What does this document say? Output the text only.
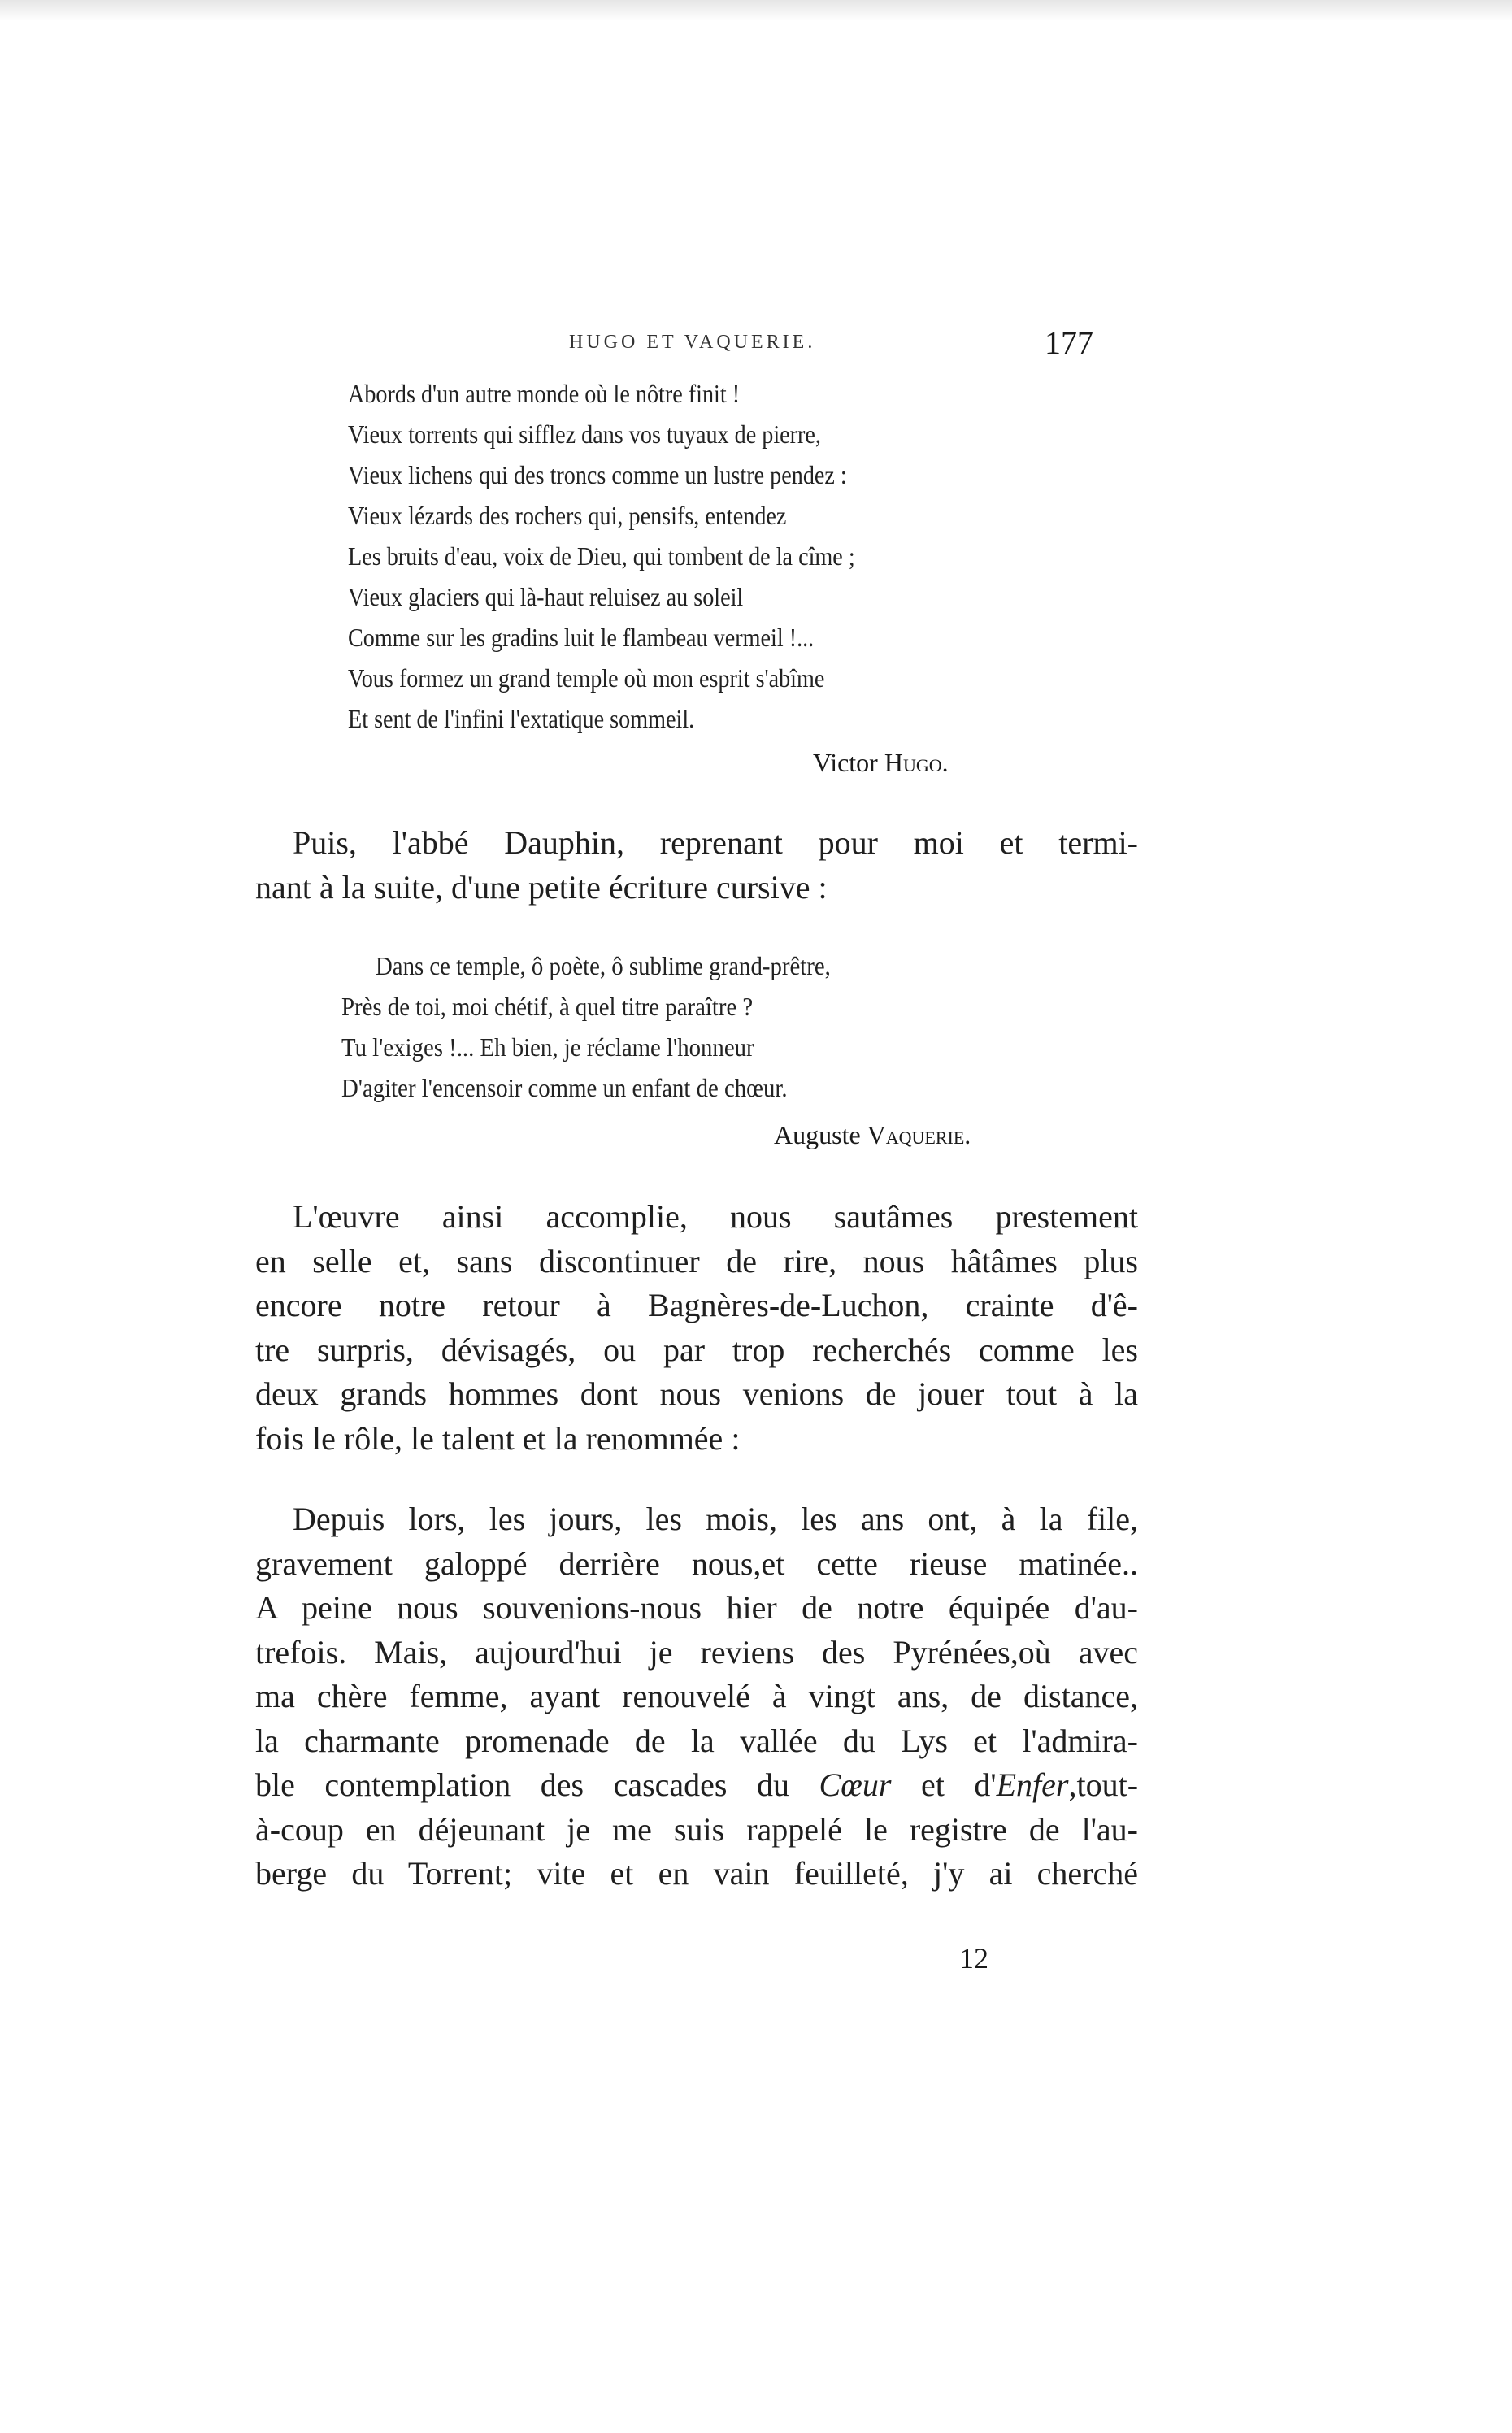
HUGO ET VAQUERIE.	177
Abords d'un autre monde où le nôtre finit !
Vieux torrents qui sifflez dans vos tuyaux de pierre,
Vieux lichens qui des troncs comme un lustre pendez :
Vieux lézards des rochers qui, pensifs, entendez
Les bruits d'eau, voix de Dieu, qui tombent de la cîme ;
Vieux glaciers qui là-haut reluisez au soleil
Comme sur les gradins luit le flambeau vermeil !...
Vous formez un grand temple où mon esprit s'abîme
Et sent de l'infini l'extatique sommeil.
Victor Hugo.
Puis, l'abbé Dauphin, reprenant pour moi et termi-
nant à la suite, d'une petite écriture cursive :
Dans ce temple, ô poète, ô sublime grand-prêtre,
Près de toi, moi chétif, à quel titre paraître ?
Tu l'exiges !... Eh bien, je réclame l'honneur
D'agiter l'encensoir comme un enfant de chœur.
Auguste Vaquerie.
L'œuvre ainsi accomplie, nous sautâmes prestement
en selle et, sans discontinuer de rire, nous hâtâmes plus
encore notre retour à Bagnères-de-Luchon, crainte d'ê-
tre surpris, dévisagés, ou par trop recherchés comme les
deux grands hommes dont nous venions de jouer tout à la
fois le rôle, le talent et la renommée :
Depuis lors, les jours, les mois, les ans ont, à la file,
gravement galoppé derrière nous,et cette rieuse matinée..
A peine nous souvenions-nous hier de notre équipée d'au-
trefois. Mais, aujourd'hui je reviens des Pyrénées,où avec
ma chère femme, ayant renouvelé à vingt ans, de distance,
la charmante promenade de la vallée du Lys et l'admira-
ble contemplation des cascades du Cœur et d'Enfer,tout-
à-coup en déjeunant je me suis rappelé le registre de l'au-
berge du Torrent; vite et en vain feuilleté, j'y ai cherché
12
